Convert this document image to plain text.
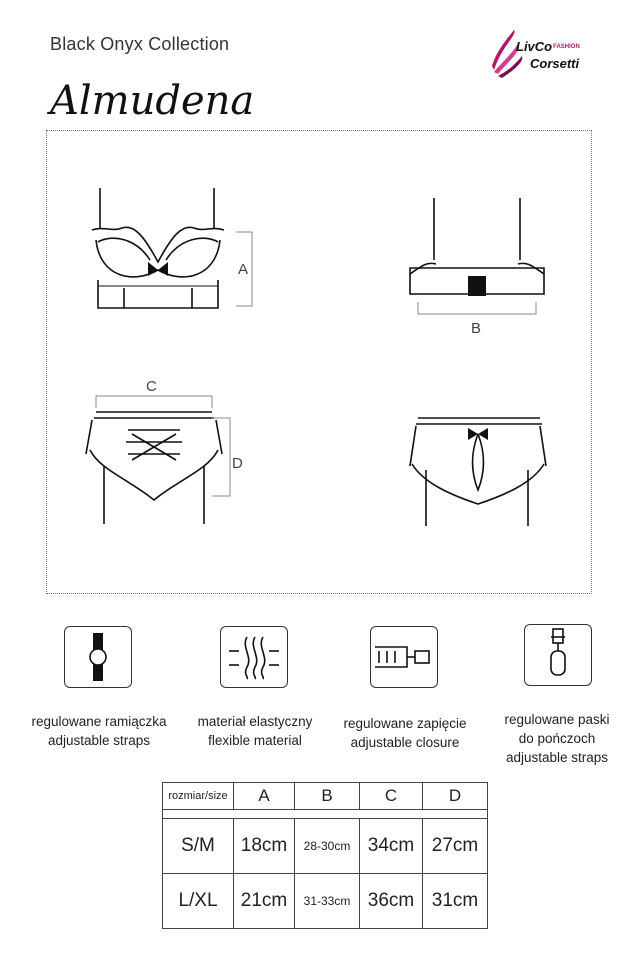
Black Onyx Collection
Almudena
LivCo$^{FASHION}$
Corsetti
A
B
C
D
regulowane ramiączka
adjustable straps
materiał elastyczny
flexible material
regulowane zapięcie
adjustable closure
regulowane paski
do pończoch
adjustable straps
rozmiar/size	A	B	C	D

S/M	18cm	28-30cm	34cm	27cm
L/XL	21cm	31-33cm	36cm	31cm
